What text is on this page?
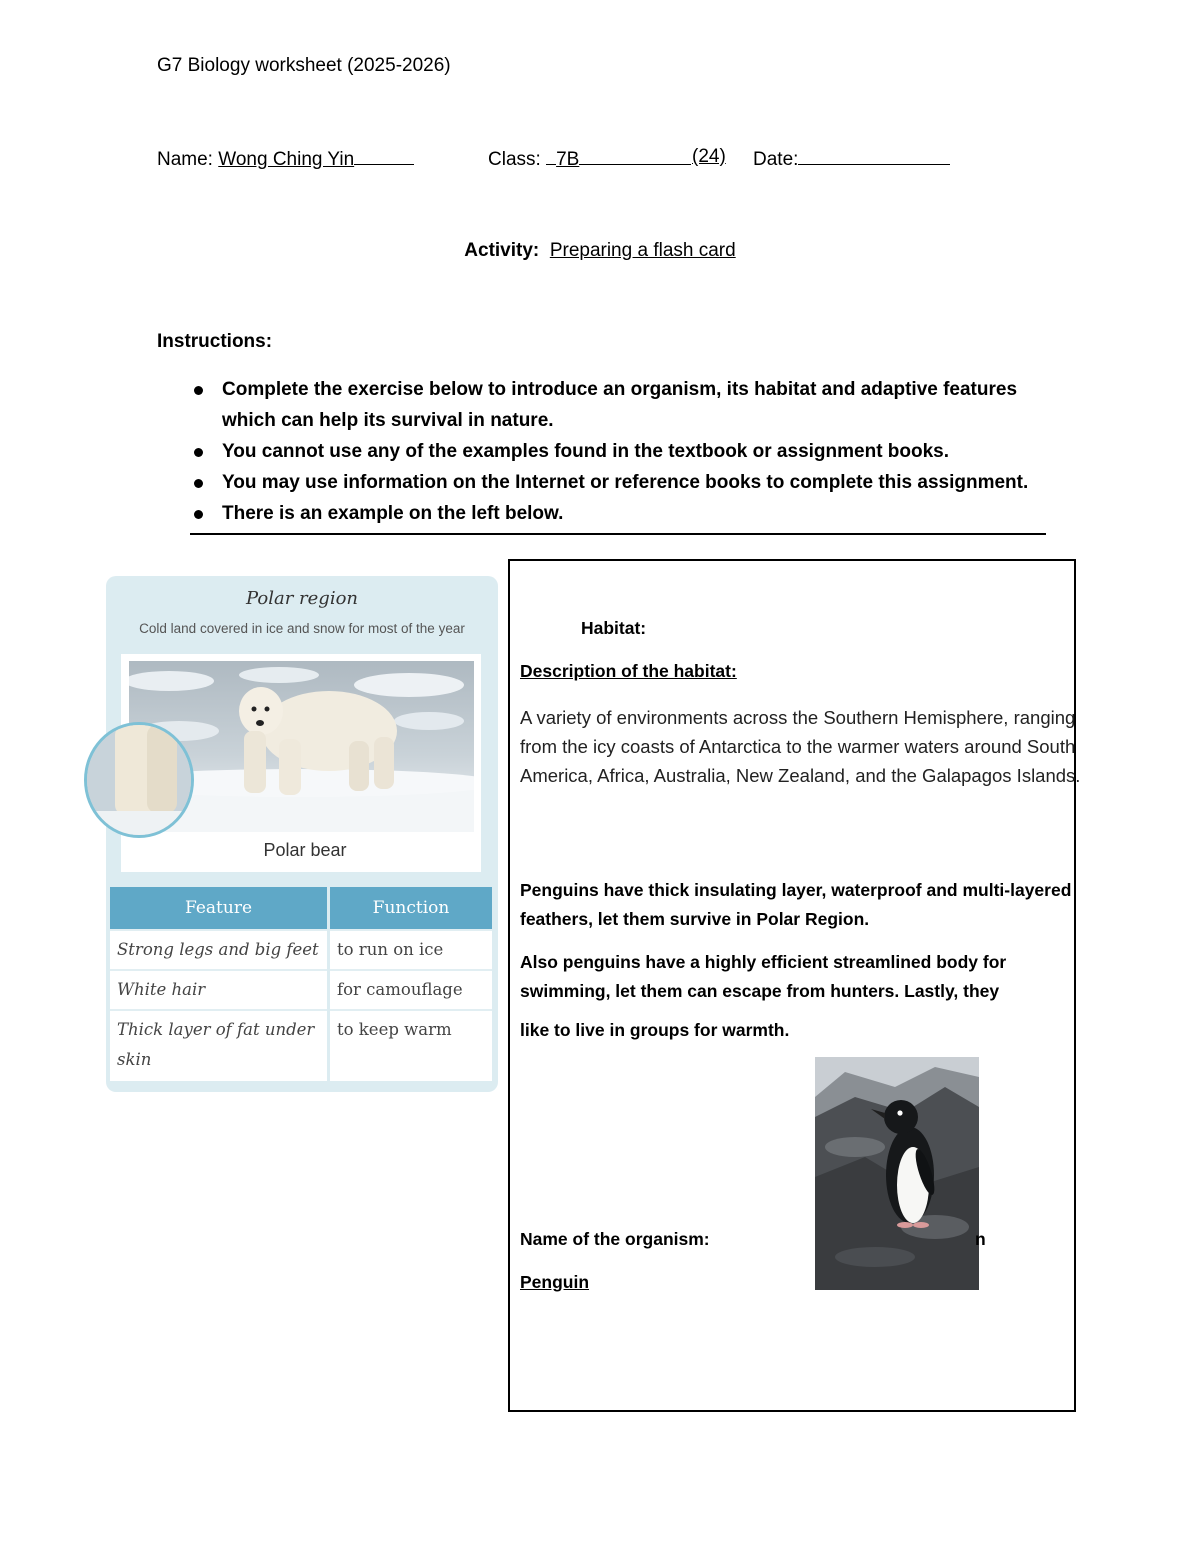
G7 Biology worksheet (2025-2026)
Name: Wong Ching Yin	Class: 7B	(24) Date:
Activity: Preparing a flash card
Instructions:
Complete the exercise below to introduce an organism, its habitat and adaptive features which can help its survival in nature.
You cannot use any of the examples found in the textbook or assignment books.
You may use information on the Internet or reference books to complete this assignment.
There is an example on the left below.
Polar region
Cold land covered in ice and snow for most of the year
Polar bear
Feature	Function
Strong legs and big feet	to run on ice
White hair	for camouflage
Thick layer of fat under skin	to keep warm
Habitat:
Description of the habitat:
A variety of environments across the Southern Hemisphere, ranging from the icy coasts of Antarctica to the warmer waters around South America, Africa, Australia, New Zealand, and the Galapagos Islands.
Penguins have thick insulating layer, waterproof and multi-layered feathers, let them survive in Polar Region.
Also penguins have a highly efficient streamlined body for swimming, let them can escape from hunters. Lastly, they
like to live in groups for warmth.
Name of the organism:	n
Penguin
